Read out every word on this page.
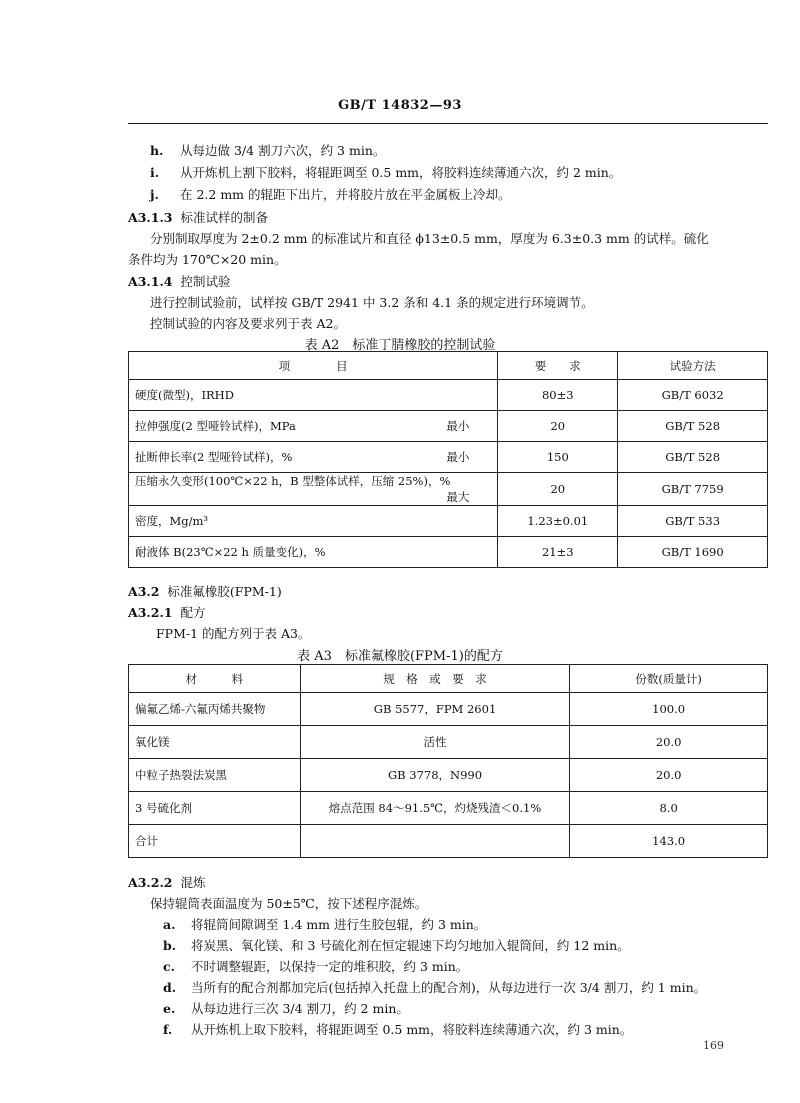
GB/T 14832—93
h. 从每边做 3/4 割刀六次，约 3 min。
i. 从开炼机上割下胶料，将辊距调至 0.5 mm，将胶料连续薄通六次，约 2 min。
j. 在 2.2 mm 的辊距下出片，并将胶片放在平金属板上冷却。
A3.1.3 标准试样的制备
分别制取厚度为 2±0.2 mm 的标准试片和直径 ϕ13±0.5 mm，厚度为 6.3±0.3 mm 的试样。硫化
条件均为 170℃×20 min。
A3.1.4 控制试验
进行控制试验前，试样按 GB/T 2941 中 3.2 条和 4.1 条的规定进行环境调节。
控制试验的内容及要求列于表 A2。
表 A2　标准丁腈橡胶的控制试验
项　　　　目	要　　求	试验方法
硬度(微型)，IRHD	80±3	GB/T 6032
拉伸强度(2 型哑铃试样)，MPa 最小	20	GB/T 528
扯断伸长率(2 型哑铃试样)，% 最小	150	GB/T 528
压缩永久变形(100℃×22 h，B 型整体试样，压缩 25%)，%
最大	20	GB/T 7759
密度，Mg/m³	1.23±0.01	GB/T 533
耐液体 B(23℃×22 h 质量变化)，%	21±3	GB/T 1690
A3.2 标准氟橡胶(FPM-1)
A3.2.1 配方
FPM-1 的配方列于表 A3。
表 A3　标准氟橡胶(FPM-1)的配方
材　　　料	规　格　或　要　求	份数(质量计)
偏氟乙烯-六氟丙烯共聚物	GB 5577，FPM 2601	100.0
氧化镁	活性	20.0
中粒子热裂法炭黑	GB 3778，N990	20.0
3 号硫化剂	熔点范围 84～91.5℃，灼烧残渣＜0.1%	8.0
合计		143.0
A3.2.2 混炼
保持辊筒表面温度为 50±5℃，按下述程序混炼。
a. 将辊筒间隙调至 1.4 mm 进行生胶包辊，约 3 min。
b. 将炭黑、氧化镁、和 3 号硫化剂在恒定辊速下均匀地加入辊筒间，约 12 min。
c. 不时调整辊距，以保持一定的堆积胶，约 3 min。
d. 当所有的配合剂都加完后(包括掉入托盘上的配合剂)，从每边进行一次 3/4 割刀，约 1 min。
e. 从每边进行三次 3/4 割刀，约 2 min。
f. 从开炼机上取下胶料，将辊距调至 0.5 mm，将胶料连续薄通六次，约 3 min。
169
